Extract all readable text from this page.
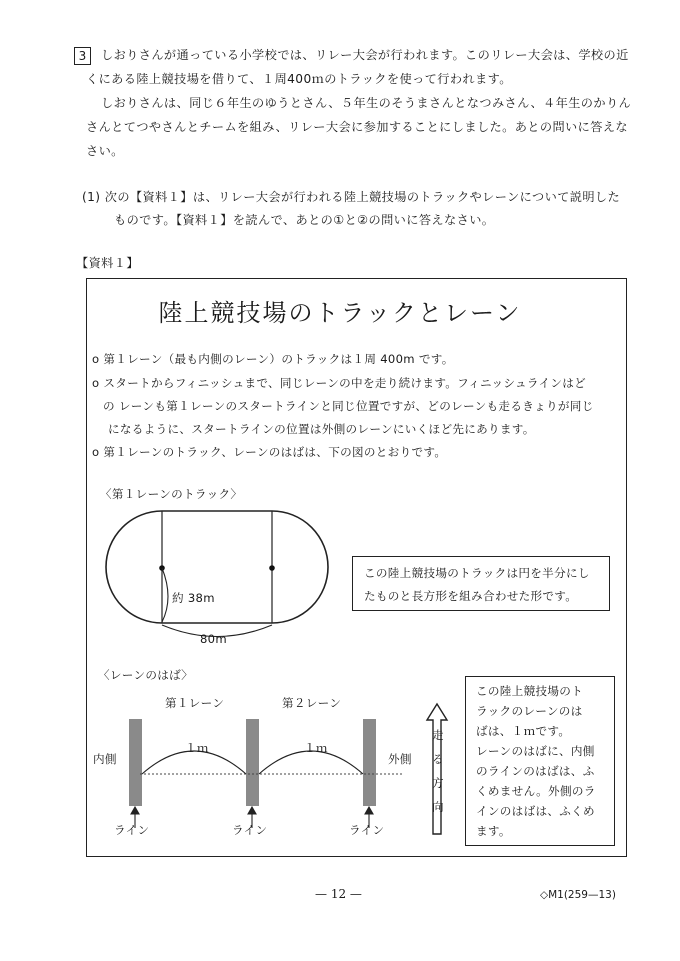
3	しおりさんが通っている小学校では、リレー大会が行われます。このリレー大会は、学校の近
くにある陸上競技場を借りて、１周400ｍのトラックを使って行われます。
しおりさんは、同じ６年生のゆうとさん、５年生のそうまさんとなつみさん、４年生のかりん
さんとてつやさんとチームを組み、リレー大会に参加することにしました。あとの問いに答えな
さい。
(1) 次の【資料１】は、リレー大会が行われる陸上競技場のトラックやレーンについて説明した
ものです。【資料１】を読んで、あとの①と②の問いに答えなさい。
【資料１】
陸上競技場のトラックとレーン
o 第１レーン（最も内側のレーン）のトラックは１周 400m です。
o スタートからフィニッシュまで、同じレーンの中を走り続けます。フィニッシュラインはど
の レーンも第１レーンのスタートラインと同じ位置ですが、どのレーンも走るきょりが同じ
になるように、スタートラインの位置は外側のレーンにいくほど先にあります。
o 第１レーンのトラック、レーンのはばは、下の図のとおりです。
〈第１レーンのトラック〉
約 38m
80m
この陸上競技場のトラックは円を半分にし
たものと長方形を組み合わせた形です。
〈レーンのはば〉
第１レーン	第２レーン
１ｍ	１ｍ
内側	外側
ライン	ライン	ライン
走
る
方
向
この陸上競技場のト
ラックのレーンのは
ばは、１ｍです。
レーンのはばに、内側
のラインのはばは、ふ
くめません。外側のラ
インのはばは、ふくめ
ます。
— 12 —	◇M1(259—13)
